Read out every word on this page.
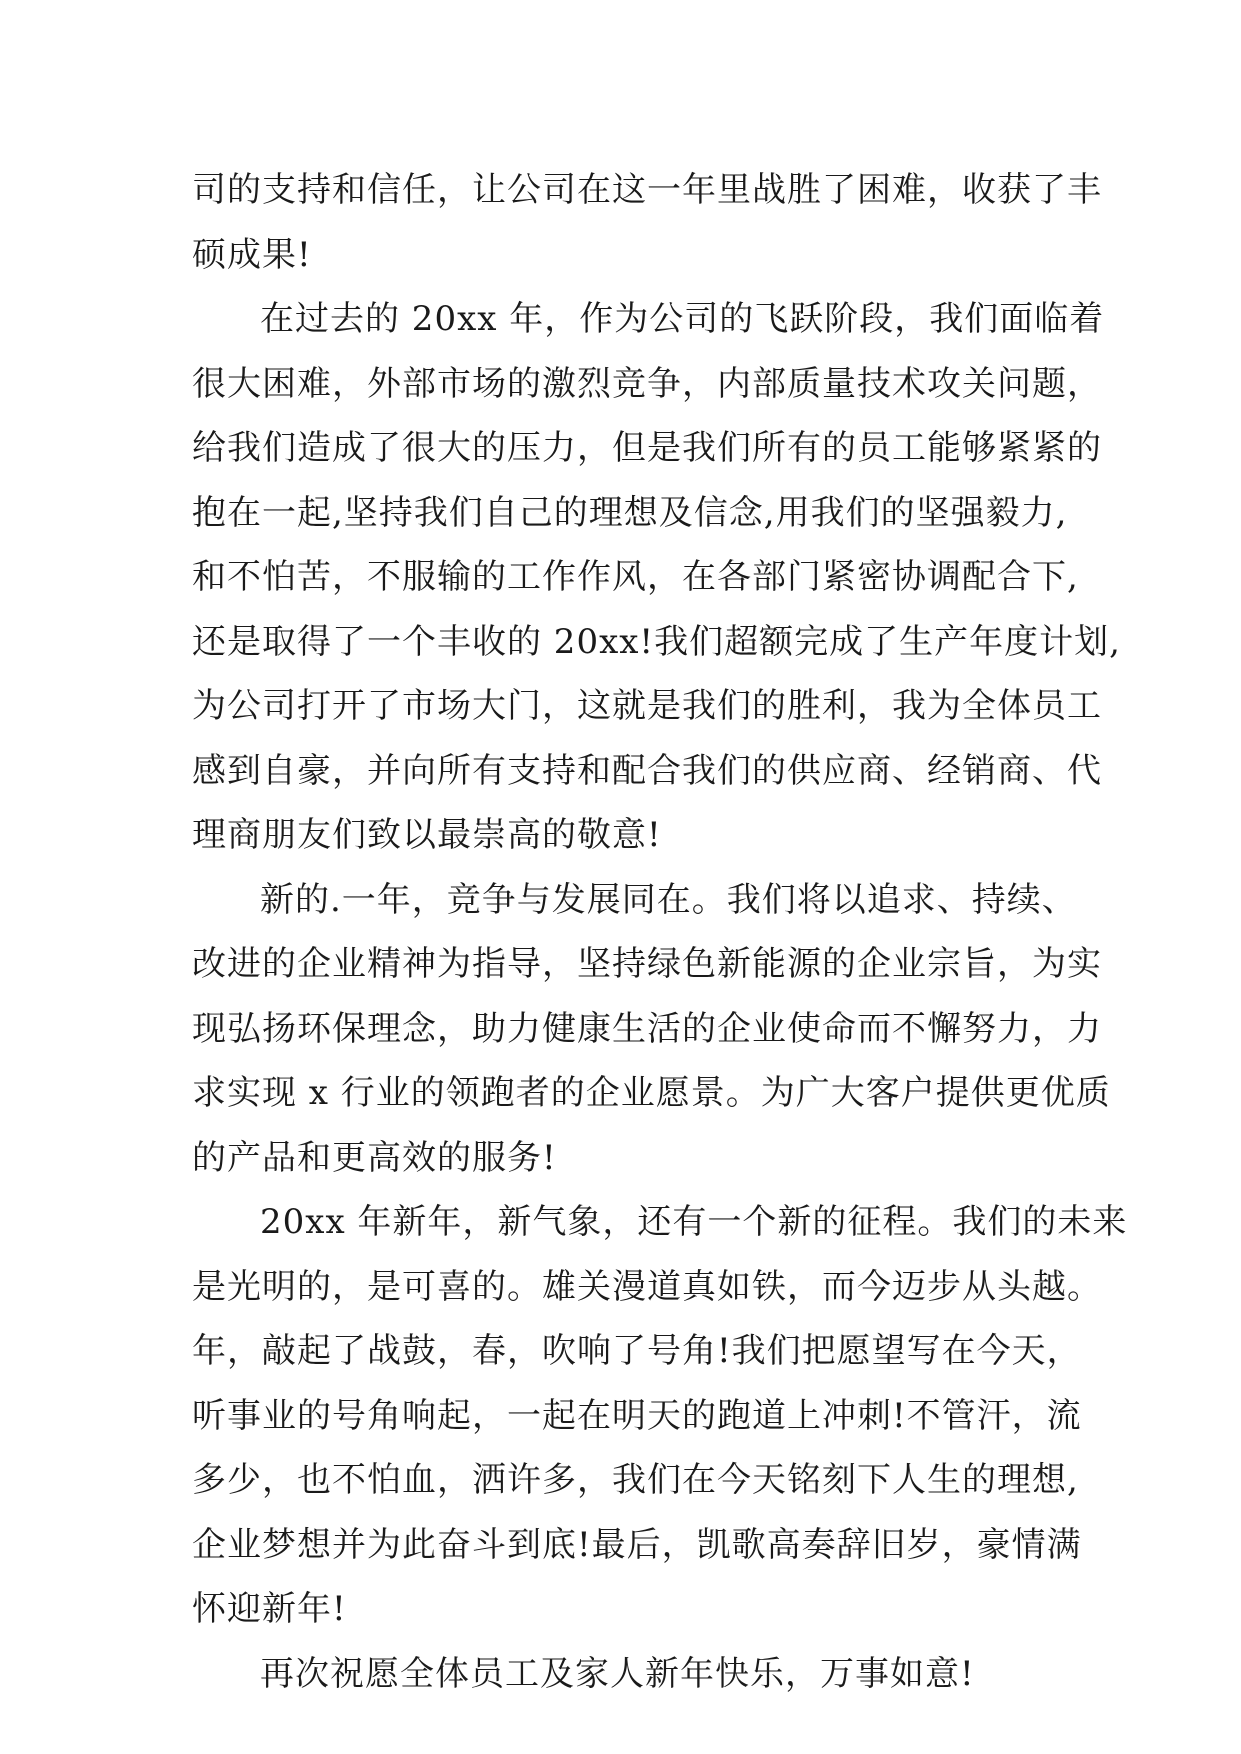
司的支持和信任，让公司在这一年里战胜了困难，收获了丰
硕成果!
在过去的 20xx 年，作为公司的飞跃阶段，我们面临着
很大困难，外部市场的激烈竞争，内部质量技术攻关问题，
给我们造成了很大的压力，但是我们所有的员工能够紧紧的
抱在一起,坚持我们自己的理想及信念,用我们的坚强毅力,
和不怕苦，不服输的工作作风，在各部门紧密协调配合下,
还是取得了一个丰收的 20xx!我们超额完成了生产年度计划,
为公司打开了市场大门，这就是我们的胜利，我为全体员工
感到自豪，并向所有支持和配合我们的供应商、经销商、代
理商朋友们致以最崇高的敬意!
新的.一年，竞争与发展同在。我们将以追求、持续、
改进的企业精神为指导，坚持绿色新能源的企业宗旨，为实
现弘扬环保理念，助力健康生活的企业使命而不懈努力，力
求实现 x 行业的领跑者的企业愿景。为广大客户提供更优质
的产品和更高效的服务!
20xx 年新年，新气象，还有一个新的征程。我们的未来
是光明的，是可喜的。雄关漫道真如铁，而今迈步从头越。
年，敲起了战鼓，春，吹响了号角!我们把愿望写在今天，
听事业的号角响起，一起在明天的跑道上冲刺!不管汗，流
多少，也不怕血，洒许多，我们在今天铭刻下人生的理想,
企业梦想并为此奋斗到底!最后，凯歌高奏辞旧岁，豪情满
怀迎新年!
再次祝愿全体员工及家人新年快乐，万事如意!
